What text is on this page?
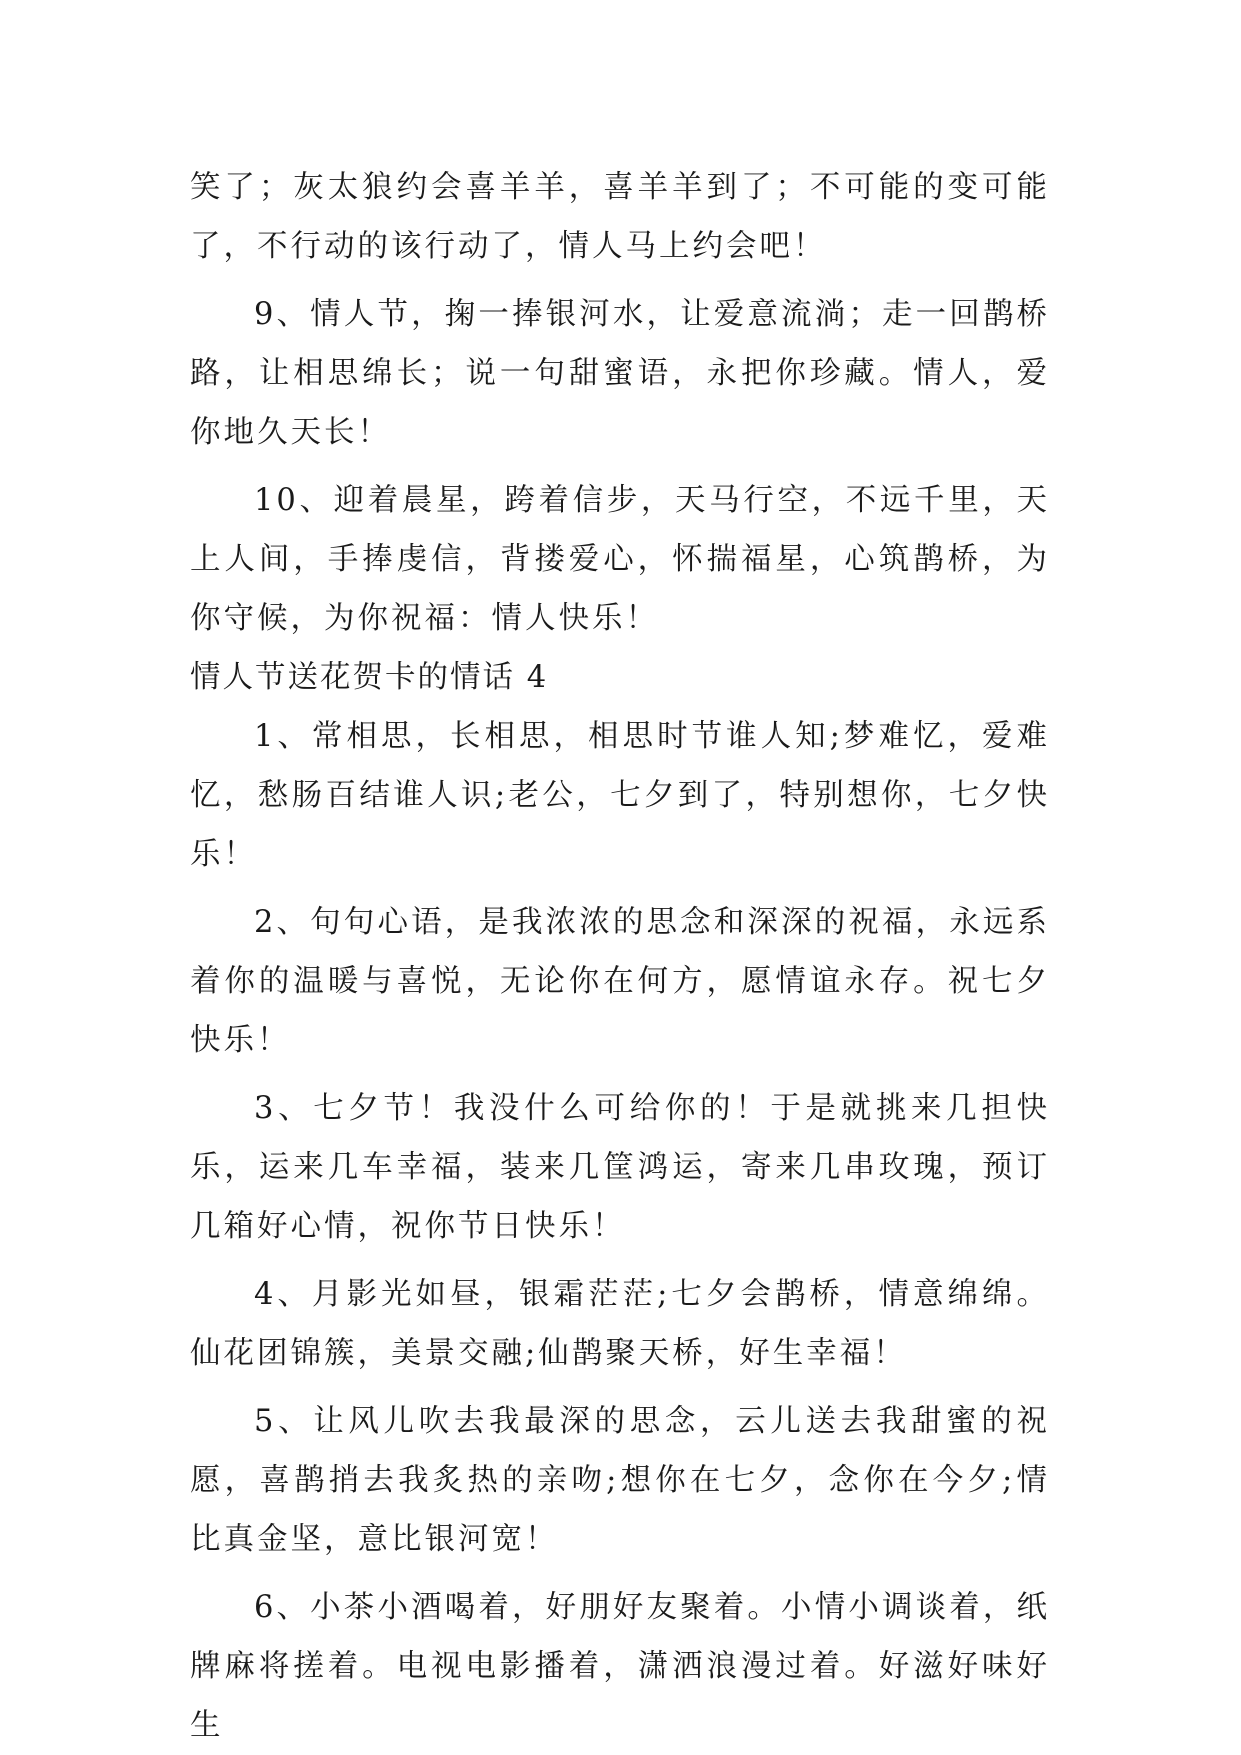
笑了；灰太狼约会喜羊羊，喜羊羊到了；不可能的变可能了，不行动的该行动了，情人马上约会吧！

9、情人节，掬一捧银河水，让爱意流淌；走一回鹊桥路，让相思绵长；说一句甜蜜语，永把你珍藏。情人，爱你地久天长！

10、迎着晨星，跨着信步，天马行空，不远千里，天上人间，手捧虔信，背搂爱心，怀揣福星，心筑鹊桥，为你守候，为你祝福：情人快乐！

情人节送花贺卡的情话 4

1、常相思，长相思，相思时节谁人知;梦难忆，爱难忆，愁肠百结谁人识;老公，七夕到了，特别想你，七夕快乐！

2、句句心语，是我浓浓的思念和深深的祝福，永远系着你的温暖与喜悦，无论你在何方，愿情谊永存。祝七夕快乐！

3、七夕节！我没什么可给你的！于是就挑来几担快乐，运来几车幸福，装来几筐鸿运，寄来几串玫瑰，预订几箱好心情，祝你节日快乐！

4、月影光如昼，银霜茫茫;七夕会鹊桥，情意绵绵。仙花团锦簇，美景交融;仙鹊聚天桥，好生幸福！

5、让风儿吹去我最深的思念，云儿送去我甜蜜的祝愿，喜鹊捎去我炙热的亲吻;想你在七夕，念你在今夕;情比真金坚，意比银河宽！

6、小茶小酒喝着，好朋好友聚着。小情小调谈着，纸牌麻将搓着。电视电影播着，潇洒浪漫过着。好滋好味好生
